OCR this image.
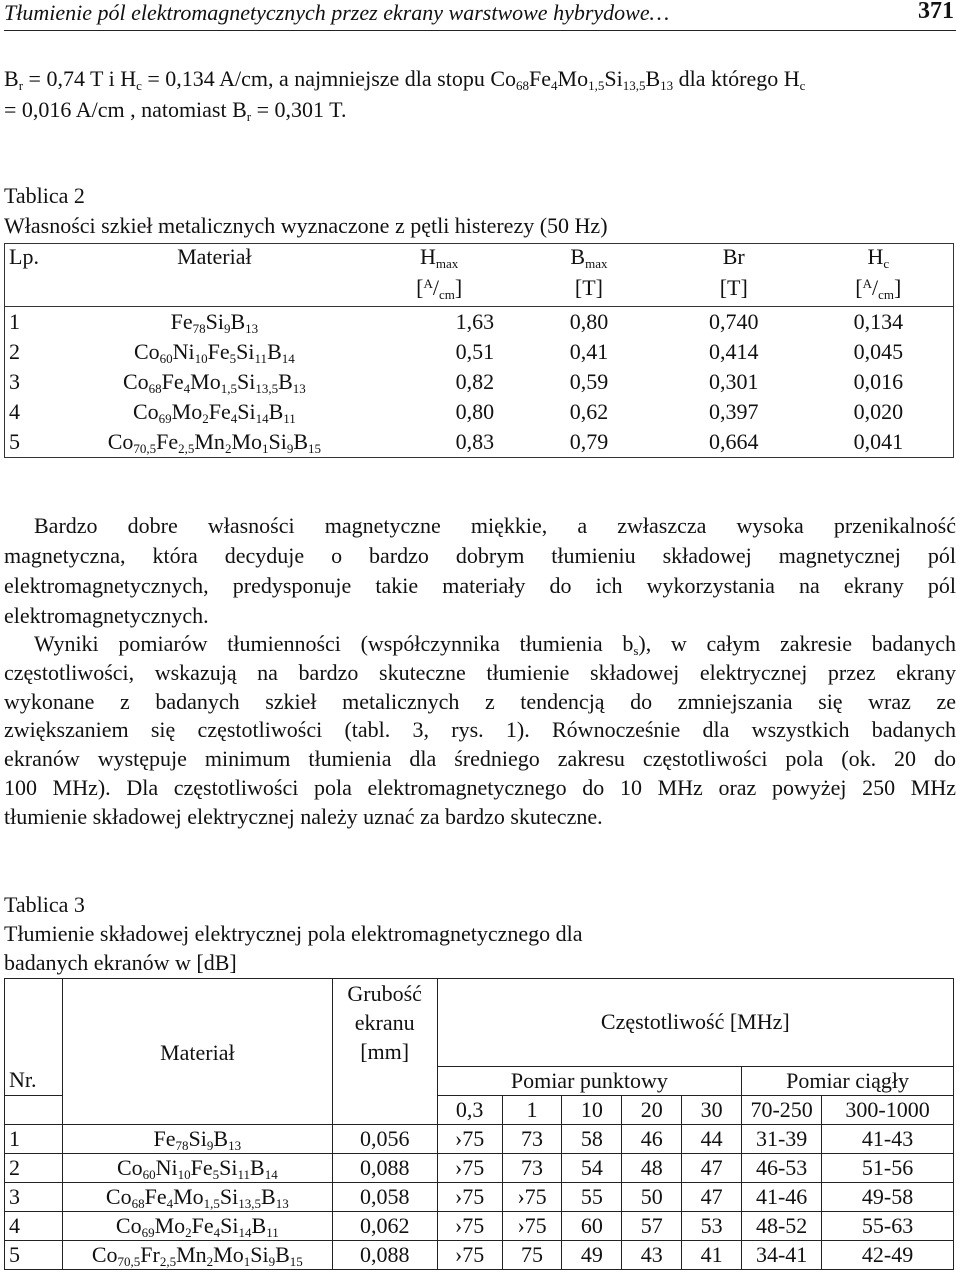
Tłumienie pól elektromagnetycznych przez ekrany warstwowe hybrydowe…	371
$B_r = 0,74$ T i $H_c = 0,134$ A/cm, a najmniejsze dla stopu $Co_{68}Fe_4Mo_{1,5}Si_{13,5}B_{13}$ dla którego $H_c$
= 0,016 A/cm , natomiast $B_r = 0,301$ T.
Tablica 2
Własności szkieł metalicznych wyznaczone z pętli histerezy (50 Hz)
Lp.	Materiał	$H_{max}$	$B_{max}$	Br	$H_c$
		$[^A/_{cm}]$	[T]	[T]	$[^A/_{cm}]$
1	$Fe_{78}Si_9B_{13}$	1,63	0,80	0,740	0,134
2	$Co_{60}Ni_{10}Fe_5Si_{11}B_{14}$	0,51	0,41	0,414	0,045
3	$Co_{68}Fe_4Mo_{1,5}Si_{13,5}B_{13}$	0,82	0,59	0,301	0,016
4	$Co_{69}Mo_2Fe_4Si_{14}B_{11}$	0,80	0,62	0,397	0,020
5	$Co_{70,5}Fe_{2,5}Mn_2Mo_1Si_9B_{15}$	0,83	0,79	0,664	0,041
Bardzo dobre własności magnetyczne miękkie, a zwłaszcza wysoka przenikalność
magnetyczna, która decyduje o bardzo dobrym tłumieniu składowej magnetycznej pól
elektromagnetycznych, predysponuje takie materiały do ich wykorzystania na ekrany pól
elektromagnetycznych.
Wyniki pomiarów tłumienności (współczynnika tłumienia $b_s$), w całym zakresie badanych
częstotliwości, wskazują na bardzo skuteczne tłumienie składowej elektrycznej przez ekrany
wykonane z badanych szkieł metalicznych z tendencją do zmniejszania się wraz ze
zwiększaniem się częstotliwości (tabl. 3, rys. 1). Równocześnie dla wszystkich badanych
ekranów występuje minimum tłumienia dla średniego zakresu częstotliwości pola (ok. 20 do
100 MHz). Dla częstotliwości pola elektromagnetycznego do 10 MHz oraz powyżej 250 MHz
tłumienie składowej elektrycznej należy uznać za bardzo skuteczne.
Tablica 3
Tłumienie składowej elektrycznej pola elektromagnetycznego dla
badanych ekranów w [dB]
	Materiał	Grubość
ekranu
[mm]	Częstotliwość [MHz]						
Nr.			Pomiar punktowy					Pomiar ciągły	
			0,3	1	10	20	30	70-250	300-1000
1	$Fe_{78}Si_9B_{13}$	0,056	›75	73	58	46	44	31-39	41-43
2	$Co_{60}Ni_{10}Fe_5Si_{11}B_{14}$	0,088	›75	73	54	48	47	46-53	51-56
3	$Co_{68}Fe_4Mo_{1,5}Si_{13,5}B_{13}$	0,058	›75	›75	55	50	47	41-46	49-58
4	$Co_{69}Mo_2Fe_4Si_{14}B_{11}$	0,062	›75	›75	60	57	53	48-52	55-63
5	$Co_{70,5}Fr_{2,5}Mn_2Mo_1Si_9B_{15}$	0,088	›75	75	49	43	41	34-41	42-49
